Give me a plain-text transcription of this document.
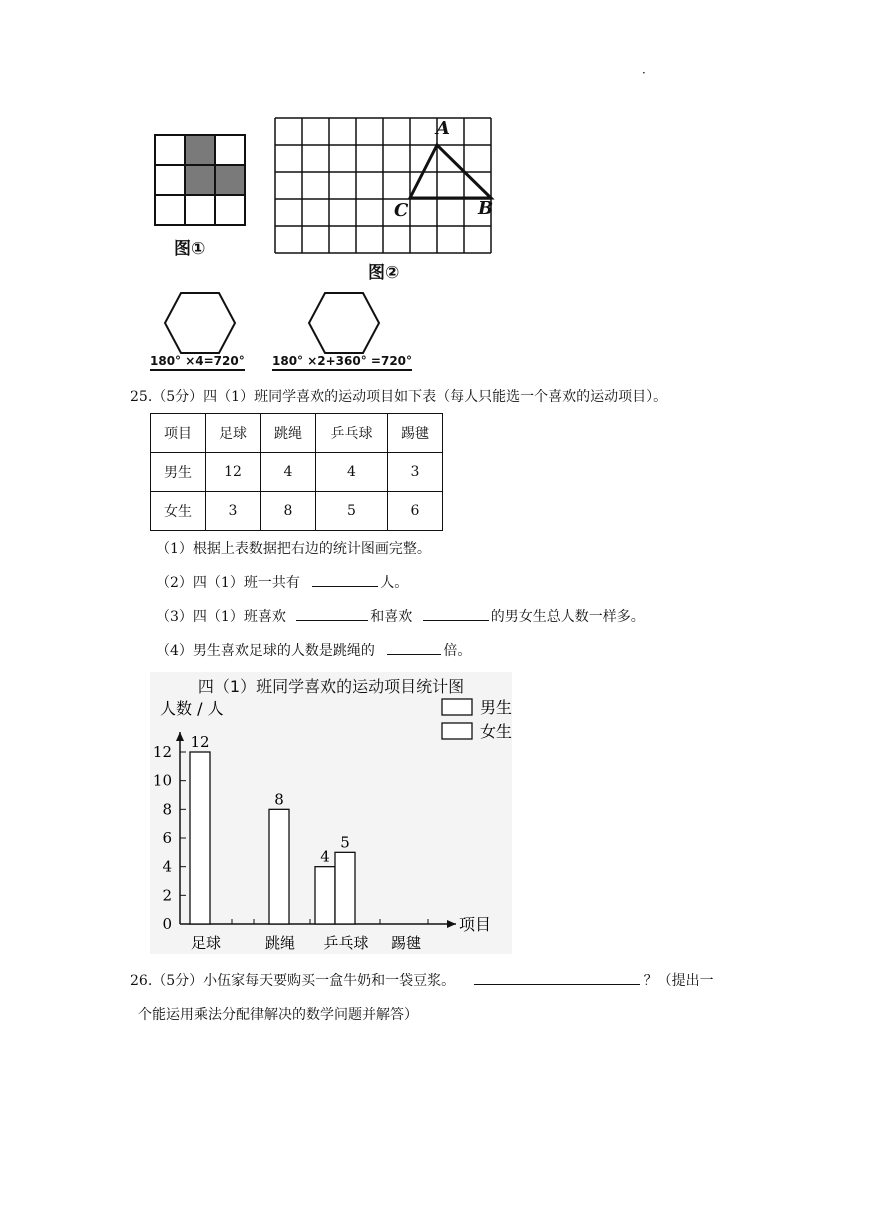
·
图①
A
B
C
图②
180° ×4=720° 180° ×2+360° =720°
25.（5分）四（1）班同学喜欢的运动项目如下表（每人只能选一个喜欢的运动项目）。
项目	足球	跳绳	乒乓球	踢毽
男生	12	4	4	3
女生	3	8	5	6
（1）根据上表数据把右边的统计图画完整。
（2）四（1）班一共有	人。
（3）四（1）班喜欢	和喜欢	的男女生总人数一样多。
（4）男生喜欢足球的人数是跳绳的	倍。
四（1）班同学喜欢的运动项目统计图
人数 / 人
项目
0
2
4
6
8
10
12
足球	跳绳 乒乓球 踢毽
12
8
4
5
男生
女生
26.（5分）小伍家每天要购买一盒牛奶和一袋豆浆。	？（提出一
个能运用乘法分配律解决的数学问题并解答）
